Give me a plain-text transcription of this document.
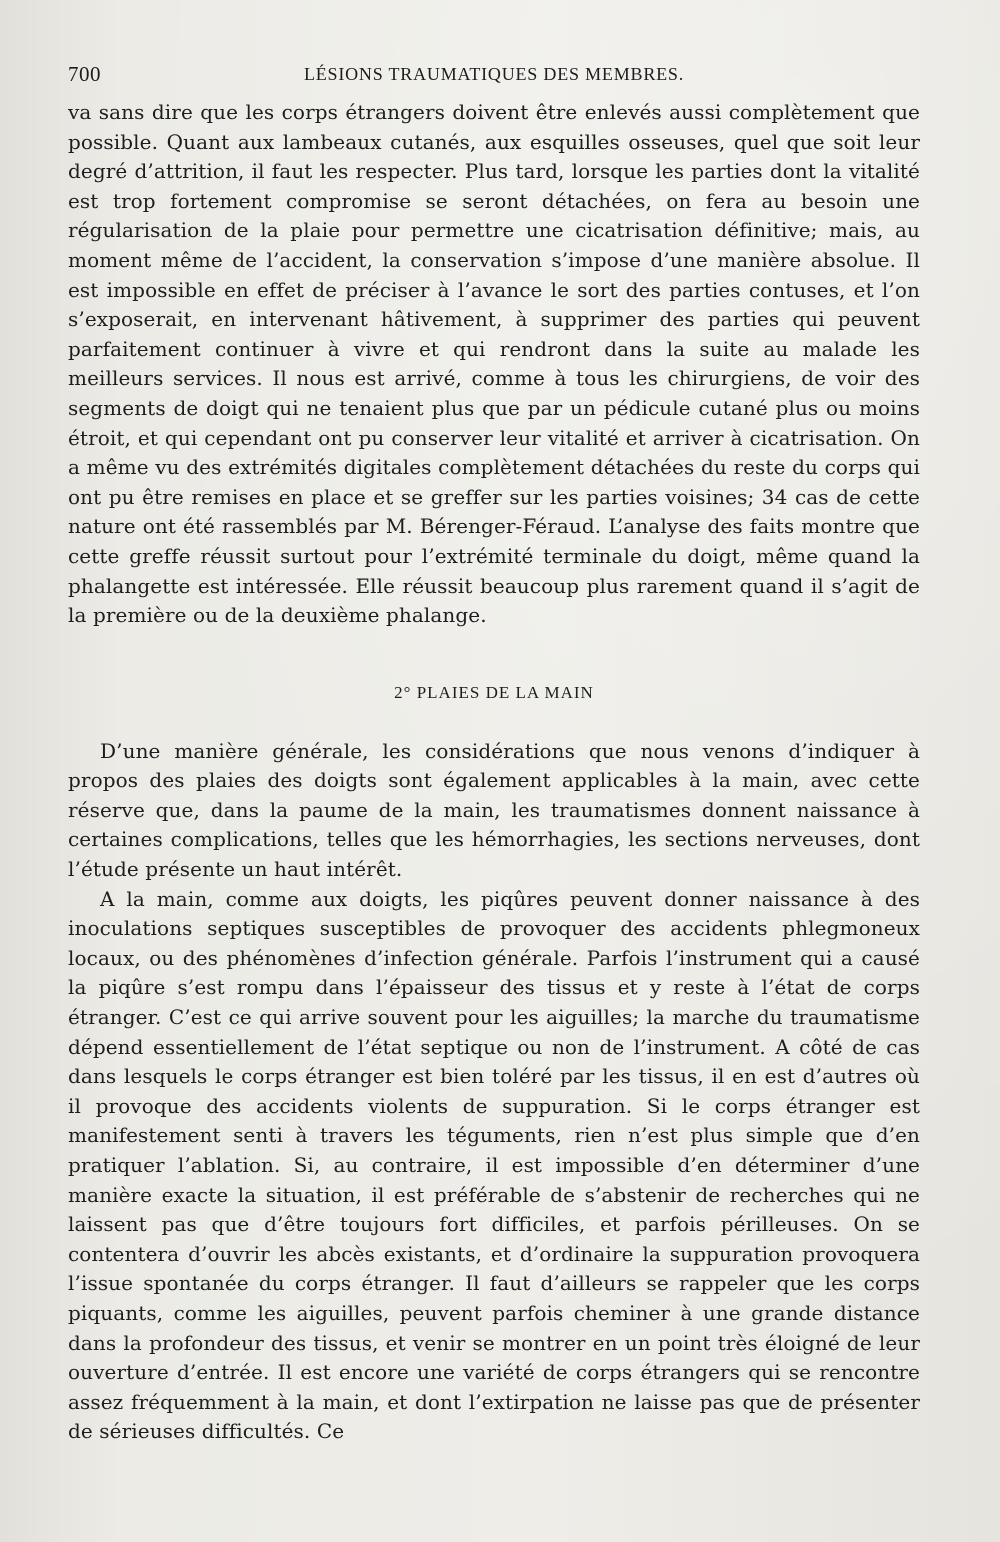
700	LÉSIONS TRAUMATIQUES DES MEMBRES.

va sans dire que les corps étrangers doivent être enlevés aussi complètement que possible. Quant aux lambeaux cutanés, aux esquilles osseuses, quel que soit leur degré d’attrition, il faut les respecter. Plus tard, lorsque les parties dont la vitalité est trop fortement compromise se seront détachées, on fera au besoin une régularisation de la plaie pour permettre une cicatrisation définitive; mais, au moment même de l’accident, la conservation s’impose d’une manière absolue. Il est impossible en effet de préciser à l’avance le sort des parties contuses, et l’on s’exposerait, en intervenant hâtivement, à supprimer des parties qui peuvent parfaitement continuer à vivre et qui rendront dans la suite au malade les meilleurs services. Il nous est arrivé, comme à tous les chirurgiens, de voir des segments de doigt qui ne tenaient plus que par un pédicule cutané plus ou moins étroit, et qui cependant ont pu conserver leur vitalité et arriver à cicatrisation. On a même vu des extrémités digitales complètement détachées du reste du corps qui ont pu être remises en place et se greffer sur les parties voisines; 34 cas de cette nature ont été rassemblés par M. Bérenger-Féraud. L’analyse des faits montre que cette greffe réussit surtout pour l’extrémité terminale du doigt, même quand la phalangette est intéressée. Elle réussit beaucoup plus rarement quand il s’agit de la première ou de la deuxième phalange.

2° PLAIES DE LA MAIN

D’une manière générale, les considérations que nous venons d’indiquer à propos des plaies des doigts sont également applicables à la main, avec cette réserve que, dans la paume de la main, les traumatismes donnent naissance à certaines complications, telles que les hémorrhagies, les sections nerveuses, dont l’étude présente un haut intérêt.

A la main, comme aux doigts, les piqûres peuvent donner naissance à des inoculations septiques susceptibles de provoquer des accidents phlegmoneux locaux, ou des phénomènes d’infection générale. Parfois l’instrument qui a causé la piqûre s’est rompu dans l’épaisseur des tissus et y reste à l’état de corps étranger. C’est ce qui arrive souvent pour les aiguilles; la marche du traumatisme dépend essentiellement de l’état septique ou non de l’instrument. A côté de cas dans lesquels le corps étranger est bien toléré par les tissus, il en est d’autres où il provoque des accidents violents de suppuration. Si le corps étranger est manifestement senti à travers les téguments, rien n’est plus simple que d’en pratiquer l’ablation. Si, au contraire, il est impossible d’en déterminer d’une manière exacte la situation, il est préférable de s’abstenir de recherches qui ne laissent pas que d’être toujours fort difficiles, et parfois périlleuses. On se contentera d’ouvrir les abcès existants, et d’ordinaire la suppuration provoquera l’issue spontanée du corps étranger. Il faut d’ailleurs se rappeler que les corps piquants, comme les aiguilles, peuvent parfois cheminer à une grande distance dans la profondeur des tissus, et venir se montrer en un point très éloigné de leur ouverture d’entrée. Il est encore une variété de corps étrangers qui se rencontre assez fréquemment à la main, et dont l’extirpation ne laisse pas que de présenter de sérieuses difficultés. Ce
